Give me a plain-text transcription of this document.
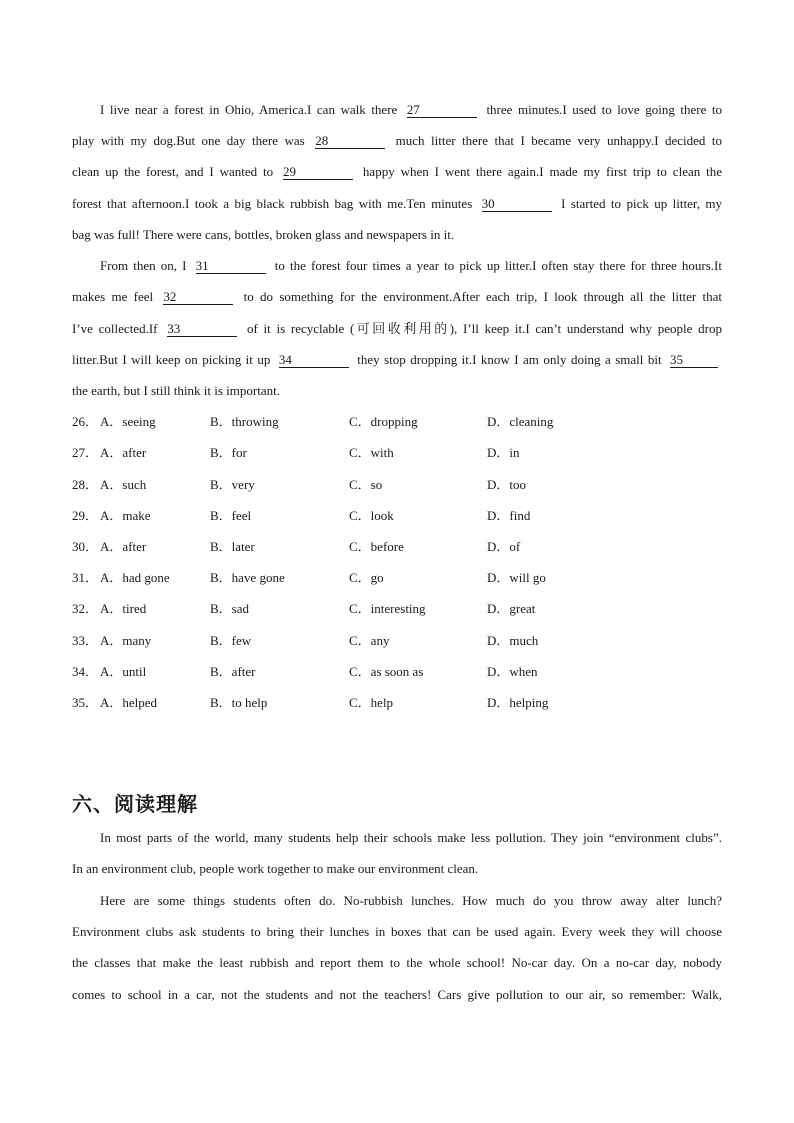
I live near a forest in Ohio, America.I can walk there 27	three minutes.I used to love going there to
play with my dog.But one day there was 28	much litter there that I became very unhappy.I decided to
clean up the forest, and I wanted to 29	happy when I went there again.I made my first trip to clean the
forest that afternoon.I took a big black rubbish bag with me.Ten minutes 30	I started to pick up litter, my
bag was full! There were cans, bottles, broken glass and newspapers in it.
From then on, I 31	to the forest four times a year to pick up litter.I often stay there for three hours.It
makes me feel 32	to do something for the environment.After each trip, I look through all the litter that
I’ve collected.If 33	of it is recyclable (可回收利用的), I’ll keep it.I can’t understand why people drop
litter.But I will keep on picking it up 34	they stop dropping it.I know I am only doing a small bit 35
the earth, but I still think it is important.
26． A．seeing	B．throwing	C．dropping	D．cleaning
27． A．after	B．for	C．with	D．in
28． A．such	B．very	C．so	D．too
29． A．make	B．feel	C．look	D．find
30． A．after	B．later	C．before	D．of
31． A．had gone	B．have gone	C．go	D．will go
32． A．tired	B．sad	C．interesting	D．great
33． A．many	B．few	C．any	D．much
34． A．until	B．after	C．as soon as	D．when
35． A．helped	B．to help	C．help	D．helping
六、阅读理解
In most parts of the world, many students help their schools make less pollution. They join “environment clubs”.
In an environment club, people work together to make our environment clean.
Here are some things students often do. No-rubbish lunches. How much do you throw away alter lunch?
Environment clubs ask students to bring their lunches in boxes that can be used again. Every week they will choose
the classes that make the least rubbish and report them to the whole school! No-car day. On a no-car day, nobody
comes to school in a car, not the students and not the teachers! Cars give pollution to our air, so remember: Walk,
